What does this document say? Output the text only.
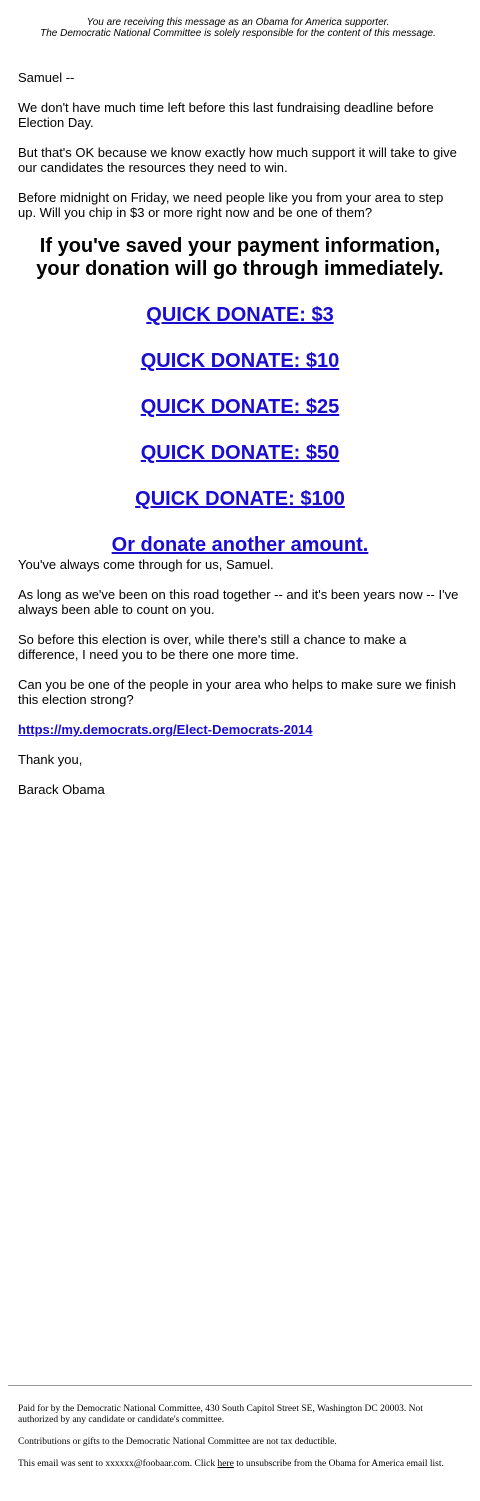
You are receiving this message as an Obama for America supporter.
The Democratic National Committee is solely responsible for the content of this message.

Samuel --

We don't have much time left before this last fundraising deadline before Election Day.

But that's OK because we know exactly how much support it will take to give our candidates the resources they need to win.

Before midnight on Friday, we need people like you from your area to step up. Will you chip in $3 or more right now and be one of them?

If you've saved your payment information,
your donation will go through immediately.
QUICK DONATE: $3
QUICK DONATE: $10
QUICK DONATE: $25
QUICK DONATE: $50
QUICK DONATE: $100
Or donate another amount.

You've always come through for us, Samuel.

As long as we've been on this road together -- and it's been years now -- I've always been able to count on you.

So before this election is over, while there's still a chance to make a difference, I need you to be there one more time.

Can you be one of the people in your area who helps to make sure we finish this election strong?

https://my.democrats.org/Elect-Democrats-2014

Thank you,

Barack Obama

Paid for by the Democratic National Committee, 430 South Capitol Street SE, Washington DC 20003. Not authorized by any candidate or candidate's committee.

Contributions or gifts to the Democratic National Committee are not tax deductible.

This email was sent to xxxxxx@foobaar.com. Click here to unsubscribe from the Obama for America email list.
